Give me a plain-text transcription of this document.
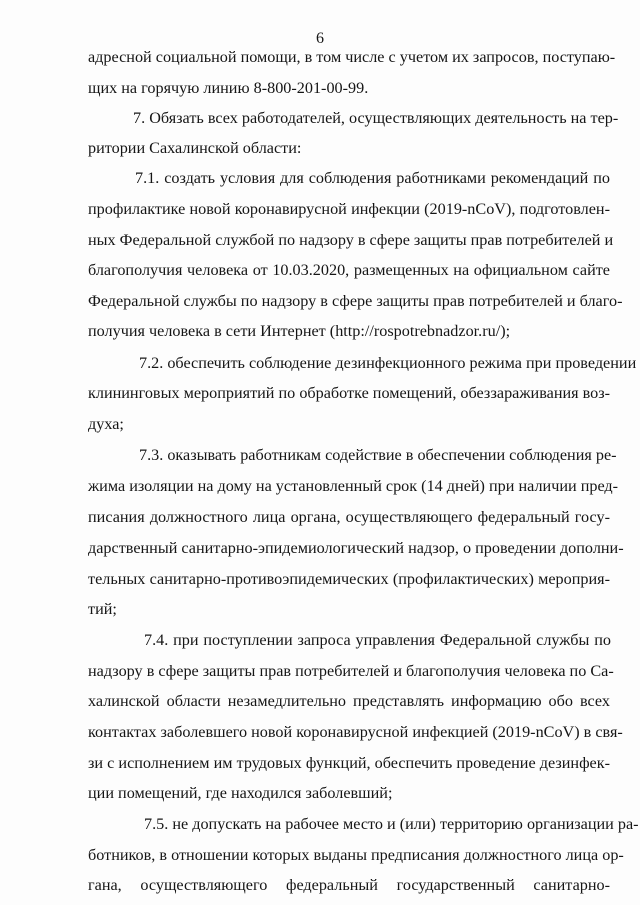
6
адресной социальной помощи, в том числе с учетом их запросов, поступаю-
щих на горячую линию 8-800-201-00-99.
7. Обязать всех работодателей, осуществляющих деятельность на тер-
ритории Сахалинской области:
7.1. создать условия для соблюдения работниками рекомендаций по
профилактике новой коронавирусной инфекции (2019-nCoV), подготовлен-
ных Федеральной службой по надзору в сфере защиты прав потребителей и
благополучия человека от 10.03.2020, размещенных на официальном сайте
Федеральной службы по надзору в сфере защиты прав потребителей и благо-
получия человека в сети Интернет (http://rospotrebnadzor.ru/);
7.2. обеспечить соблюдение дезинфекционного режима при проведении
клининговых мероприятий по обработке помещений, обеззараживания воз-
духа;
7.3. оказывать работникам содействие в обеспечении соблюдения ре-
жима изоляции на дому на установленный срок (14 дней) при наличии пред-
писания должностного лица органа, осуществляющего федеральный госу-
дарственный санитарно-эпидемиологический надзор, о проведении дополни-
тельных санитарно-противоэпидемических (профилактических) мероприя-
тий;
7.4. при поступлении запроса управления Федеральной службы по
надзору в сфере защиты прав потребителей и благополучия человека по Са-
халинской области незамедлительно представлять информацию обо всех
контактах заболевшего новой коронавирусной инфекцией (2019-nCoV) в свя-
зи с исполнением им трудовых функций, обеспечить проведение дезинфек-
ции помещений, где находился заболевший;
7.5. не допускать на рабочее место и (или) территорию организации ра-
ботников, в отношении которых выданы предписания должностного лица ор-
гана, осуществляющего федеральный государственный санитарно-
